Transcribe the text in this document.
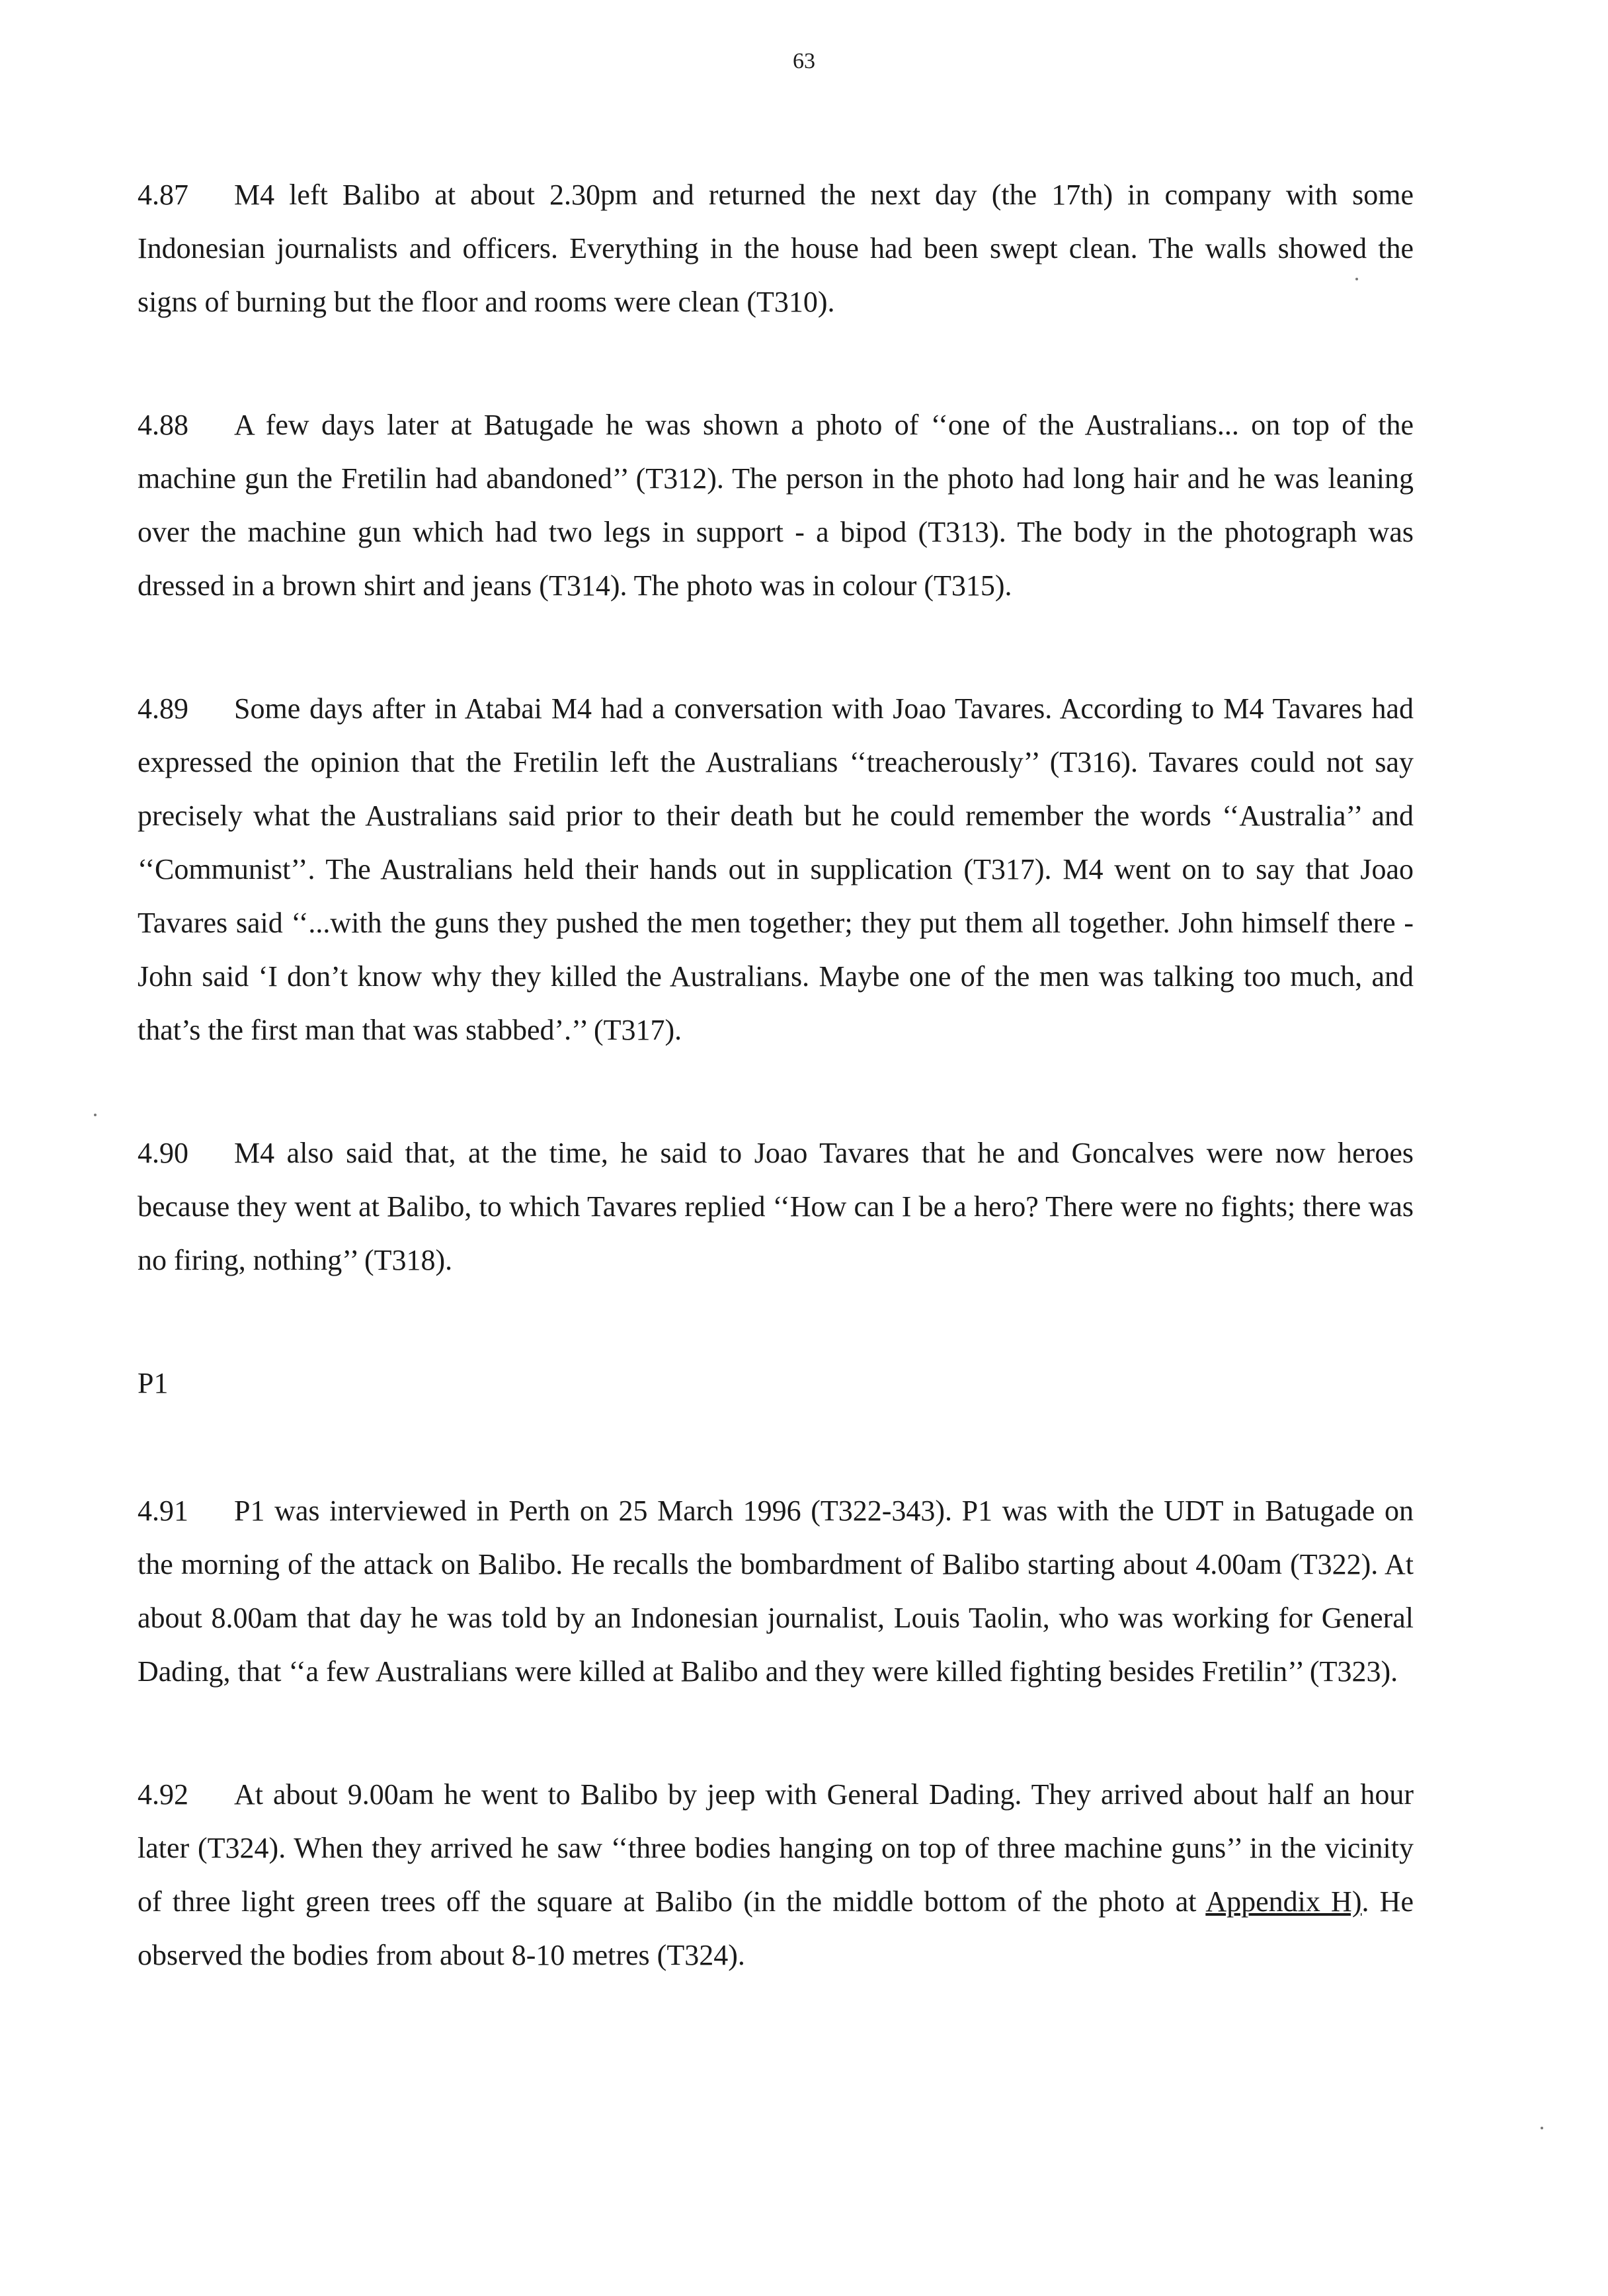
63

4.87 M4 left Balibo at about 2.30pm and returned the next day (the 17th) in company with some Indonesian journalists and officers. Everything in the house had been swept clean. The walls showed the signs of burning but the floor and rooms were clean (T310).

4.88 A few days later at Batugade he was shown a photo of ‘‘one of the Australians... on top of the machine gun the Fretilin had abandoned’’ (T312). The person in the photo had long hair and he was leaning over the machine gun which had two legs in support - a bipod (T313). The body in the photograph was dressed in a brown shirt and jeans (T314). The photo was in colour (T315).

4.89 Some days after in Atabai M4 had a conversation with Joao Tavares. According to M4 Tavares had expressed the opinion that the Fretilin left the Australians ‘‘treacherously’’ (T316). Tavares could not say precisely what the Australians said prior to their death but he could remember the words ‘‘Australia’’ and ‘‘Communist’’. The Australians held their hands out in supplication (T317). M4 went on to say that Joao Tavares said ‘‘...with the guns they pushed the men together; they put them all together. John himself there - John said ‘I don’t know why they killed the Australians. Maybe one of the men was talking too much, and that’s the first man that was stabbed’.’’ (T317).

4.90 M4 also said that, at the time, he said to Joao Tavares that he and Goncalves were now heroes because they went at Balibo, to which Tavares replied ‘‘How can I be a hero? There were no fights; there was no firing, nothing’’ (T318).

P1

4.91 P1 was interviewed in Perth on 25 March 1996 (T322-343). P1 was with the UDT in Batugade on the morning of the attack on Balibo. He recalls the bombardment of Balibo starting about 4.00am (T322). At about 8.00am that day he was told by an Indonesian journalist, Louis Taolin, who was working for General Dading, that ‘‘a few Australians were killed at Balibo and they were killed fighting besides Fretilin’’ (T323).

4.92 At about 9.00am he went to Balibo by jeep with General Dading. They arrived about half an hour later (T324). When they arrived he saw ‘‘three bodies hanging on top of three machine guns’’ in the vicinity of three light green trees off the square at Balibo (in the middle bottom of the photo at Appendix H). He observed the bodies from about 8-10 metres (T324).
